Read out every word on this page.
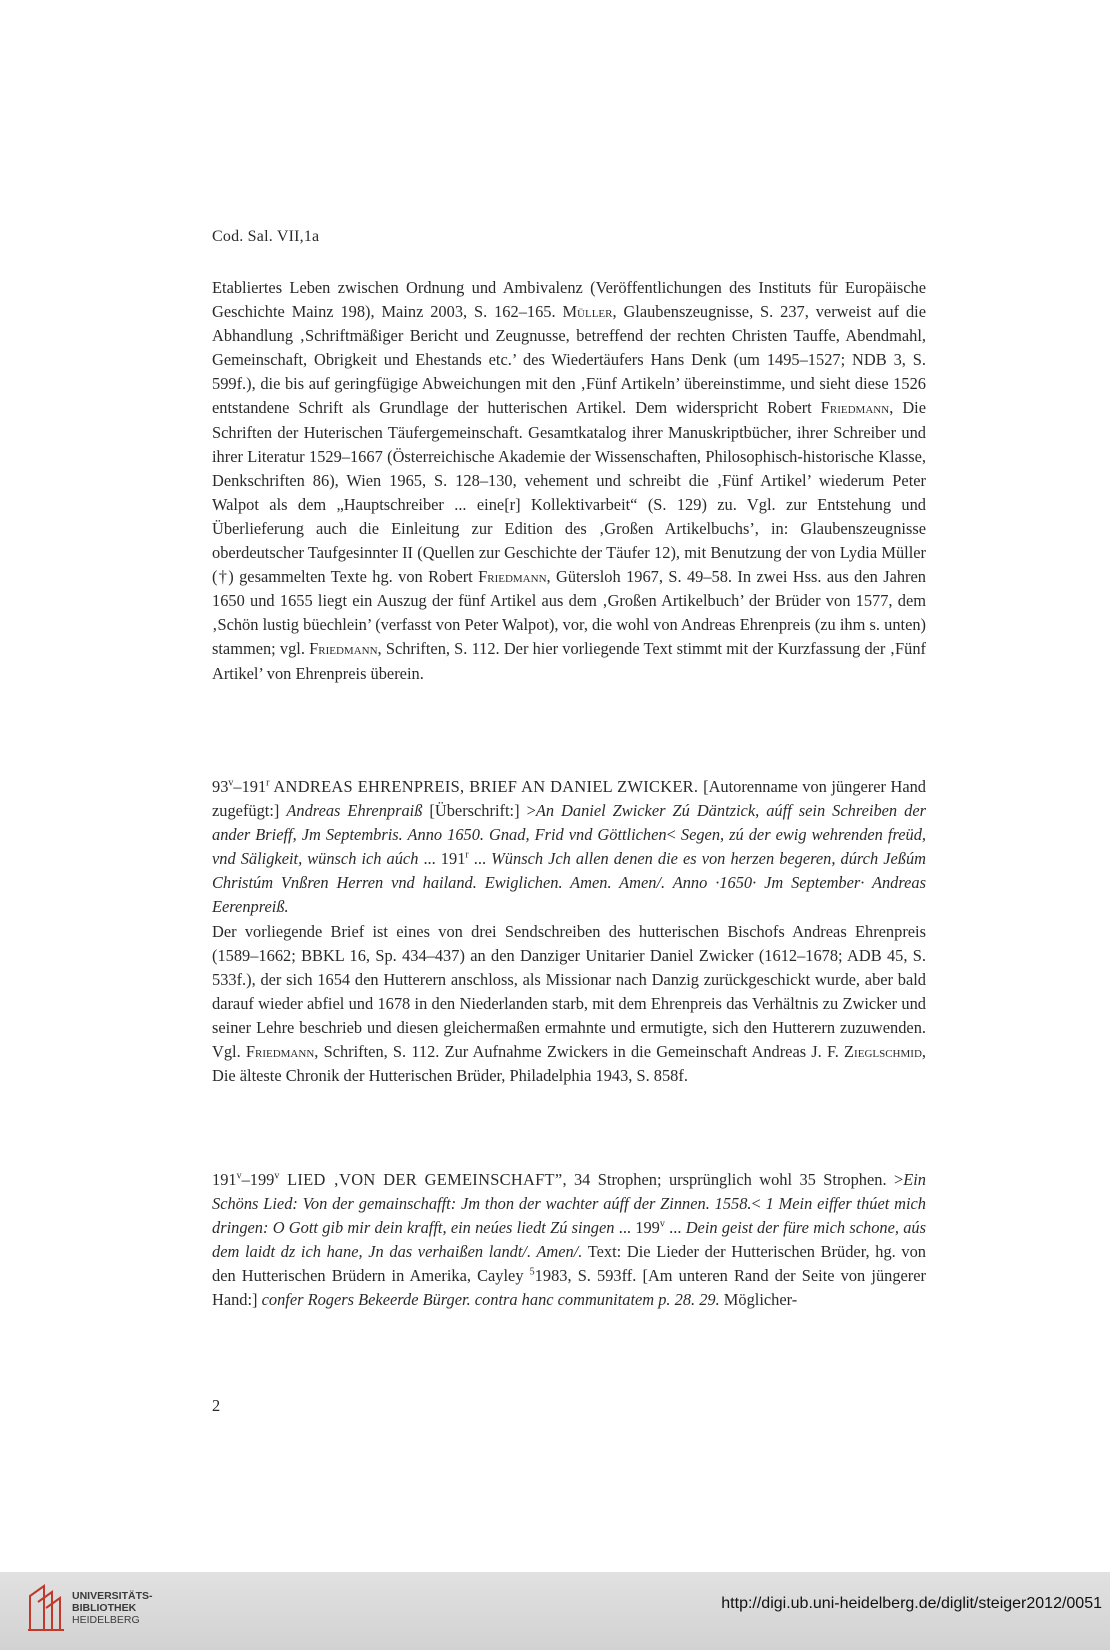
Cod. Sal. VII,1a

Etabliertes Leben zwischen Ordnung und Ambivalenz (Veröffentlichungen des Instituts für Europäische Geschichte Mainz 198), Mainz 2003, S. 162–165. Müller, Glaubenszeugnisse, S. 237, verweist auf die Abhandlung ‚Schriftmäßiger Bericht und Zeugnusse, betreffend der rechten Christen Tauffe, Abendmahl, Gemeinschaft, Obrigkeit und Ehestands etc.’ des Wiedertäufers Hans Denk (um 1495–1527; NDB 3, S. 599f.), die bis auf geringfügige Abweichungen mit den ‚Fünf Artikeln’ übereinstimme, und sieht diese 1526 entstandene Schrift als Grundlage der hutterischen Artikel. Dem widerspricht Robert Friedmann, Die Schriften der Huterischen Täufergemeinschaft. Gesamtkatalog ihrer Manuskriptbücher, ihrer Schreiber und ihrer Literatur 1529–1667 (Österreichische Akademie der Wissenschaften, Philosophisch-historische Klasse, Denkschriften 86), Wien 1965, S. 128–130, vehement und schreibt die ‚Fünf Artikel’ wiederum Peter Walpot als dem „Hauptschreiber ... eine[r] Kollektivarbeit“ (S. 129) zu. Vgl. zur Entstehung und Überlieferung auch die Einleitung zur Edition des ‚Großen Artikelbuchs’, in: Glaubenszeugnisse oberdeutscher Taufgesinnter II (Quellen zur Geschichte der Täufer 12), mit Benutzung der von Lydia Müller (†) gesammelten Texte hg. von Robert Friedmann, Gütersloh 1967, S. 49–58. In zwei Hss. aus den Jahren 1650 und 1655 liegt ein Auszug der fünf Artikel aus dem ‚Großen Artikelbuch’ der Brüder von 1577, dem ‚Schön lustig büechlein’ (verfasst von Peter Walpot), vor, die wohl von Andreas Ehrenpreis (zu ihm s. unten) stammen; vgl. Friedmann, Schriften, S. 112. Der hier vorliegende Text stimmt mit der Kurzfassung der ‚Fünf Artikel’ von Ehrenpreis überein.

93$^v$–191$^r$ ANDREAS EHRENPREIS, BRIEF AN DANIEL ZWICKER. [Autorenname von jüngerer Hand zugefügt:] Andreas Ehrenpraiß [Überschrift:] >An Daniel Zwicker Zú Däntzick, aúff sein Schreiben der ander Brieff, Jm Septembris. Anno 1650. Gnad, Frid vnd Göttlichen< Segen, zú der ewig wehrenden freüd, vnd Säligkeit, wünsch ich aúch ... 191$^r$ ... Wünsch Jch allen denen die es von herzen begeren, dúrch Jeßúm Christúm Vnßren Herren vnd hailand. Ewiglichen. Amen. Amen/. Anno ·1650· Jm September· Andreas Eerenpreiß.

Der vorliegende Brief ist eines von drei Sendschreiben des hutterischen Bischofs Andreas Ehrenpreis (1589–1662; BBKL 16, Sp. 434–437) an den Danziger Unitarier Daniel Zwicker (1612–1678; ADB 45, S. 533f.), der sich 1654 den Hutterern anschloss, als Missionar nach Danzig zurückgeschickt wurde, aber bald darauf wieder abfiel und 1678 in den Niederlanden starb, mit dem Ehrenpreis das Verhältnis zu Zwicker und seiner Lehre beschrieb und diesen gleichermaßen ermahnte und ermutigte, sich den Hutterern zuzuwenden. Vgl. Friedmann, Schriften, S. 112. Zur Aufnahme Zwickers in die Gemeinschaft Andreas J. F. Zieglschmid, Die älteste Chronik der Hutterischen Brüder, Philadelphia 1943, S. 858f.

191$^v$–199$^v$ LIED ‚VON DER GEMEINSCHAFT”, 34 Strophen; ursprünglich wohl 35 Strophen. >Ein Schöns Lied: Von der gemainschafft: Jm thon der wachter aúff der Zinnen. 1558.< 1 Mein eiffer thúet mich dringen: O Gott gib mir dein krafft, ein neúes liedt Zú singen ... 199$^v$ ... Dein geist der füre mich schone, aús dem laidt dz ich hane, Jn das verhaißen landt/. Amen/. Text: Die Lieder der Hutterischen Brüder, hg. von den Hutterischen Brüdern in Amerika, Cayley $^5$1983, S. 593ff. [Am unteren Rand der Seite von jüngerer Hand:] confer Rogers Bekeerde Bürger. contra hanc communitatem p. 28. 29. Möglicher-

2
UNIVERSITÄTS-
BIBLIOTHEK
HEIDELBERG
http://digi.ub.uni-heidelberg.de/diglit/steiger2012/0051
